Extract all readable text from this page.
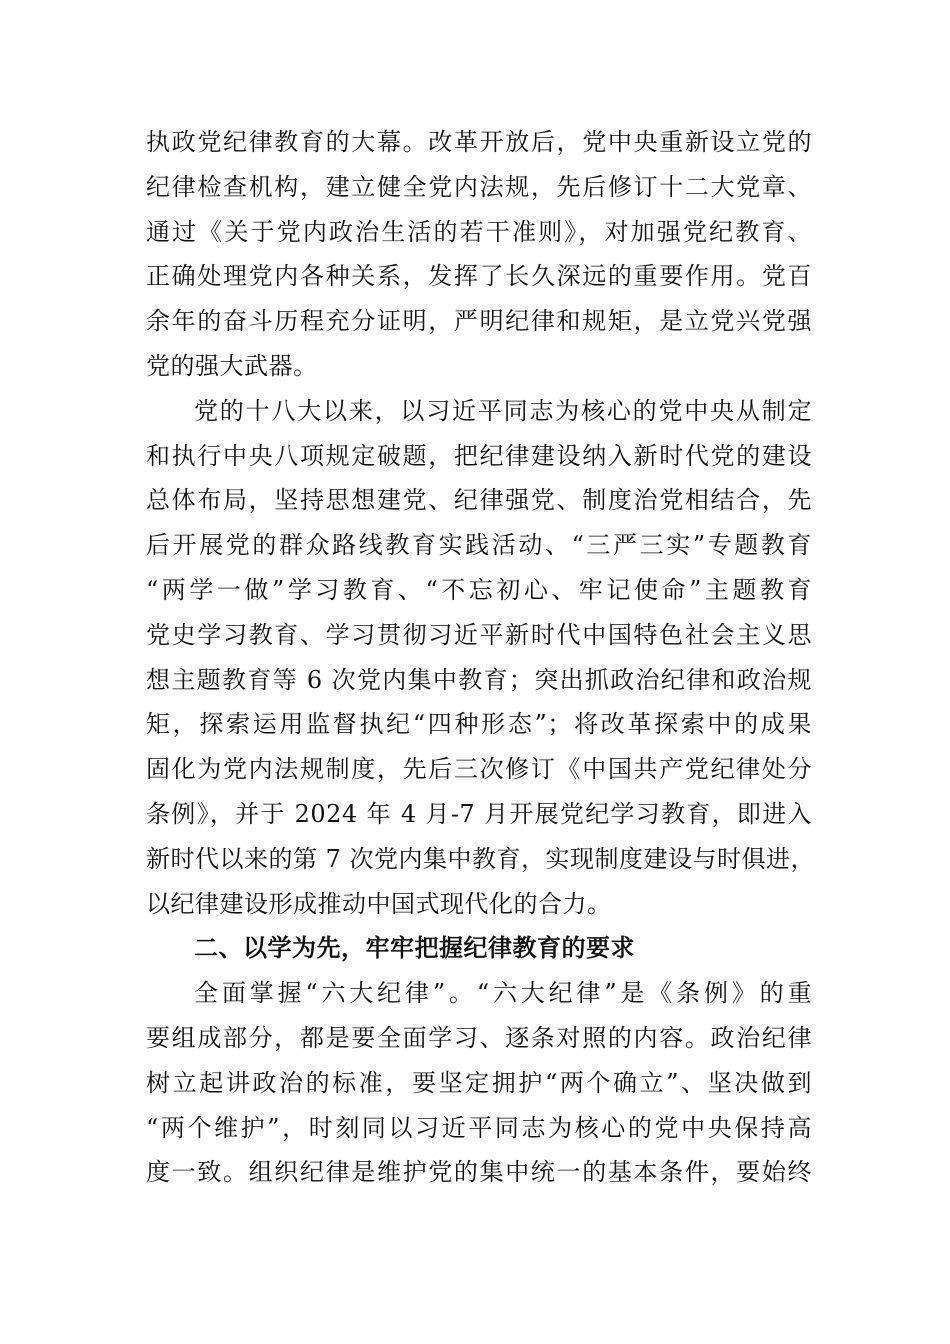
执政党纪律教育的大幕。改革开放后，党中央重新设立党的
纪律检查机构，建立健全党内法规，先后修订十二大党章、
通过《关于党内政治生活的若干准则》，对加强党纪教育、
正确处理党内各种关系，发挥了长久深远的重要作用。党百
余年的奋斗历程充分证明，严明纪律和规矩，是立党兴党强
党的强大武器。
党的十八大以来，以习近平同志为核心的党中央从制定
和执行中央八项规定破题，把纪律建设纳入新时代党的建设
总体布局，坚持思想建党、纪律强党、制度治党相结合，先
后开展党的群众路线教育实践活动、“三严三实”专题教育
“两学一做”学习教育、“不忘初心、牢记使命”主题教育
党史学习教育、学习贯彻习近平新时代中国特色社会主义思
想主题教育等 6 次党内集中教育；突出抓政治纪律和政治规
矩，探索运用监督执纪“四种形态”；将改革探索中的成果
固化为党内法规制度，先后三次修订《中国共产党纪律处分
条例》，并于 2024 年 4 月-7 月开展党纪学习教育，即进入
新时代以来的第 7 次党内集中教育，实现制度建设与时俱进，
以纪律建设形成推动中国式现代化的合力。
二、以学为先，牢牢把握纪律教育的要求
全面掌握“六大纪律”。“六大纪律”是《条例》的重
要组成部分，都是要全面学习、逐条对照的内容。政治纪律
树立起讲政治的标准，要坚定拥护“两个确立”、坚决做到
“两个维护”，时刻同以习近平同志为核心的党中央保持高
度一致。组织纪律是维护党的集中统一的基本条件，要始终
